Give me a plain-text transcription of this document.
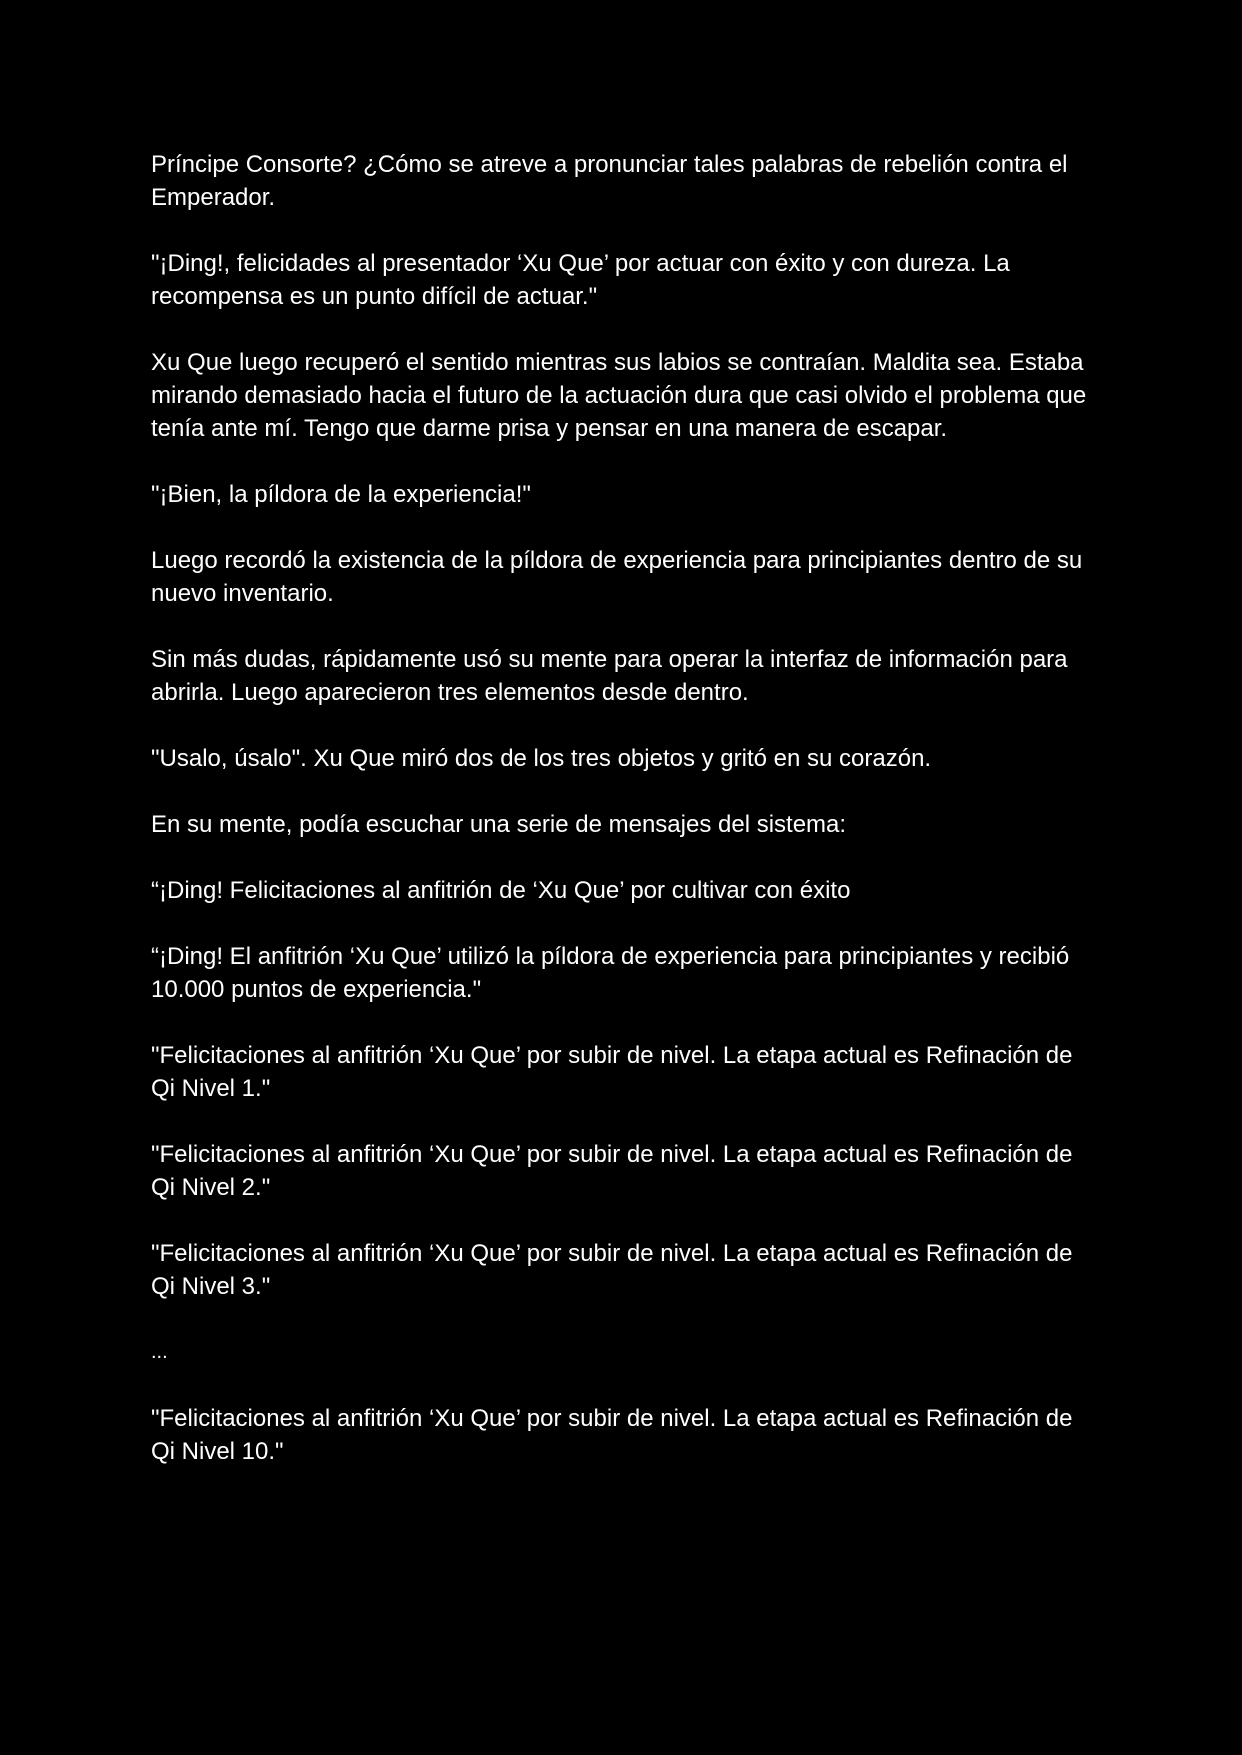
Príncipe Consorte? ¿Cómo se atreve a pronunciar tales palabras de rebelión contra el Emperador.

"¡Ding!, felicidades al presentador ‘Xu Que’ por actuar con éxito y con dureza. La recompensa es un punto difícil de actuar."

Xu Que luego recuperó el sentido mientras sus labios se contraían. Maldita sea. Estaba mirando demasiado hacia el futuro de la actuación dura que casi olvido el problema que tenía ante mí. Tengo que darme prisa y pensar en una manera de escapar.

"¡Bien, la píldora de la experiencia!"

Luego recordó la existencia de la píldora de experiencia para principiantes dentro de su nuevo inventario.

Sin más dudas, rápidamente usó su mente para operar la interfaz de información para abrirla. Luego aparecieron tres elementos desde dentro.

"Usalo, úsalo". Xu Que miró dos de los tres objetos y gritó en su corazón.

En su mente, podía escuchar una serie de mensajes del sistema:

“¡Ding! Felicitaciones al anfitrión de ‘Xu Que’ por cultivar con éxito

“¡Ding! El anfitrión ‘Xu Que’ utilizó la píldora de experiencia para principiantes y recibió 10.000 puntos de experiencia."

"Felicitaciones al anfitrión ‘Xu Que’ por subir de nivel. La etapa actual es Refinación de Qi Nivel 1."

"Felicitaciones al anfitrión ‘Xu Que’ por subir de nivel. La etapa actual es Refinación de Qi Nivel 2."

"Felicitaciones al anfitrión ‘Xu Que’ por subir de nivel. La etapa actual es Refinación de Qi Nivel 3."

...

"Felicitaciones al anfitrión ‘Xu Que’ por subir de nivel. La etapa actual es Refinación de Qi Nivel 10."
